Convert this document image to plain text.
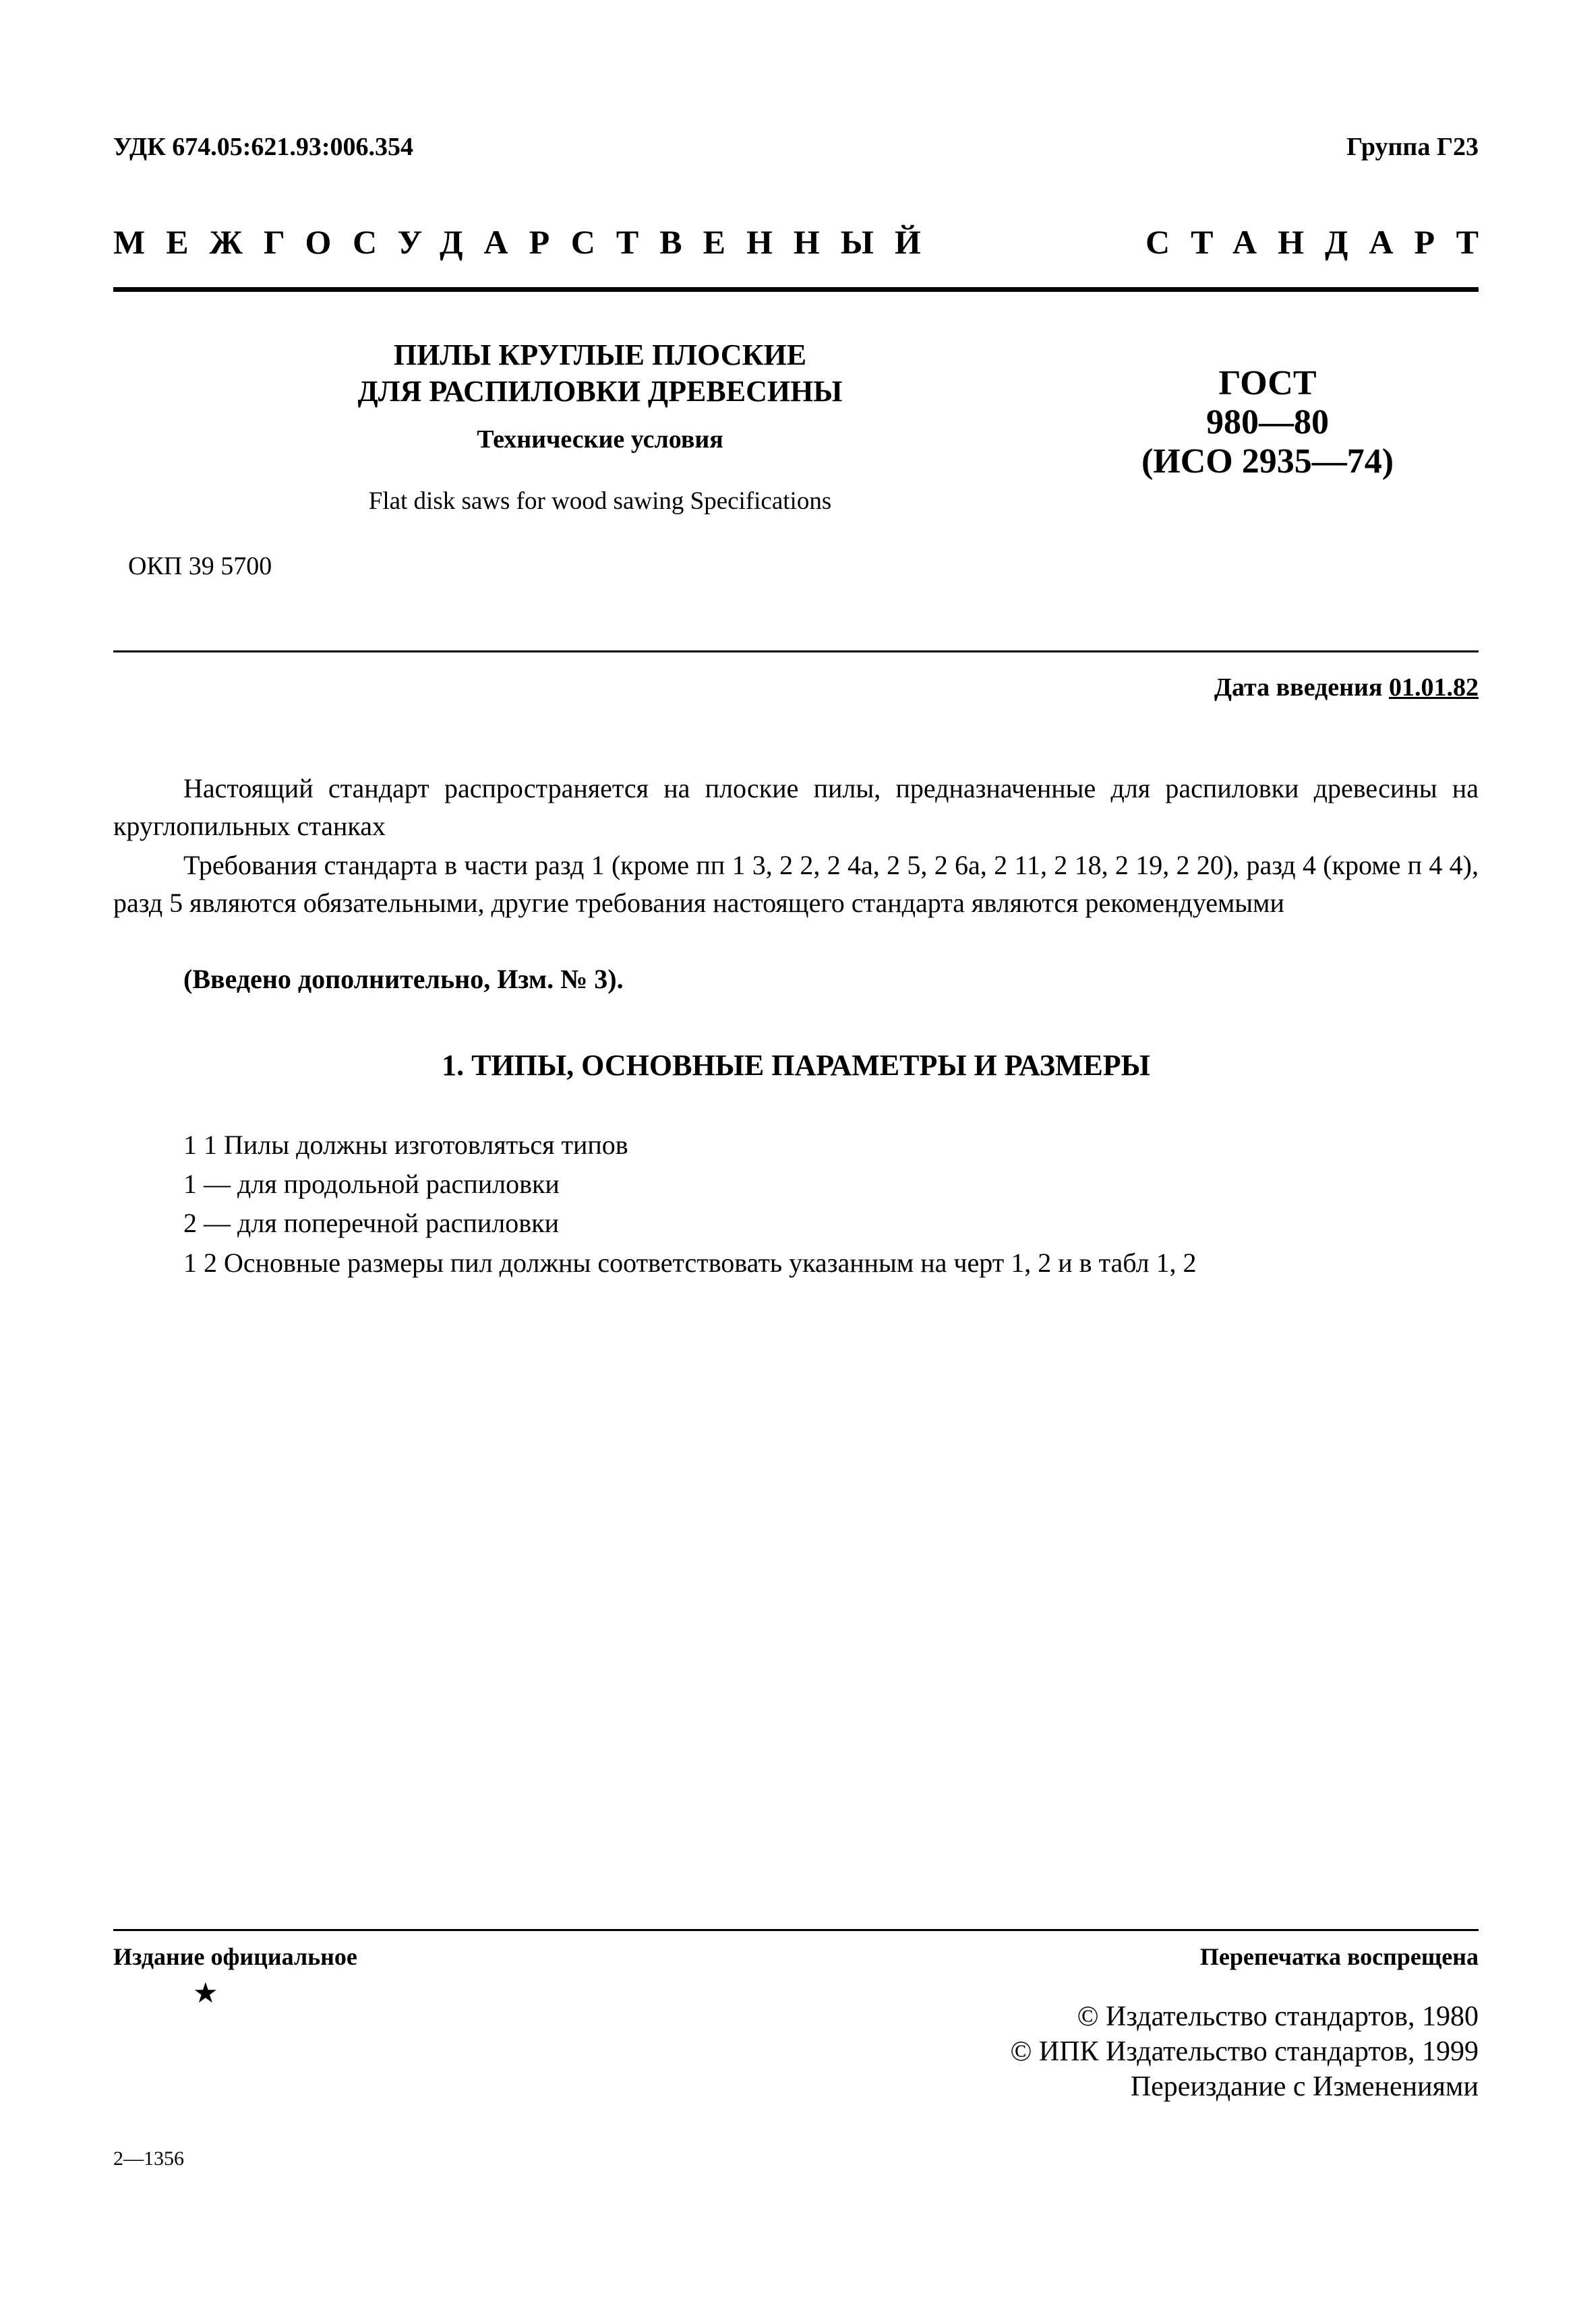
УДК 674.05:621.93:006.354	Группа Г23
МЕЖГОСУДАРСТВЕННЫЙ	СТАНДАРТ
ПИЛЫ КРУГЛЫЕ ПЛОСКИЕ
ДЛЯ РАСПИЛОВКИ ДРЕВЕСИНЫ
Технические условия
Flat disk saws for wood sawing Specifications
ГОСТ
980—80
(ИСО 2935—74)
ОКП 39 5700
Дата введения 01.01.82
Настоящий стандарт распространяется на плоские пилы, предназначенные для распиловки древесины на круглопильных станках
Требования стандарта в части разд 1 (кроме пп 1 3, 2 2, 2 4а, 2 5, 2 6а, 2 11, 2 18, 2 19, 2 20), разд 4 (кроме п 4 4), разд 5 являются обязательными, другие требования настоящего стандарта являются рекомендуемыми
(Введено дополнительно, Изм. № 3).
1. ТИПЫ, ОСНОВНЫЕ ПАРАМЕТРЫ И РАЗМЕРЫ
1 1 Пилы должны изготовляться типов
1 — для продольной распиловки
2 — для поперечной распиловки
1 2 Основные размеры пил должны соответствовать указанным на черт 1, 2 и в табл 1, 2
Издание официальное
★
Перепечатка воспрещена
© Издательство стандартов, 1980
© ИПК Издательство стандартов, 1999
Переиздание с Изменениями
2—1356
